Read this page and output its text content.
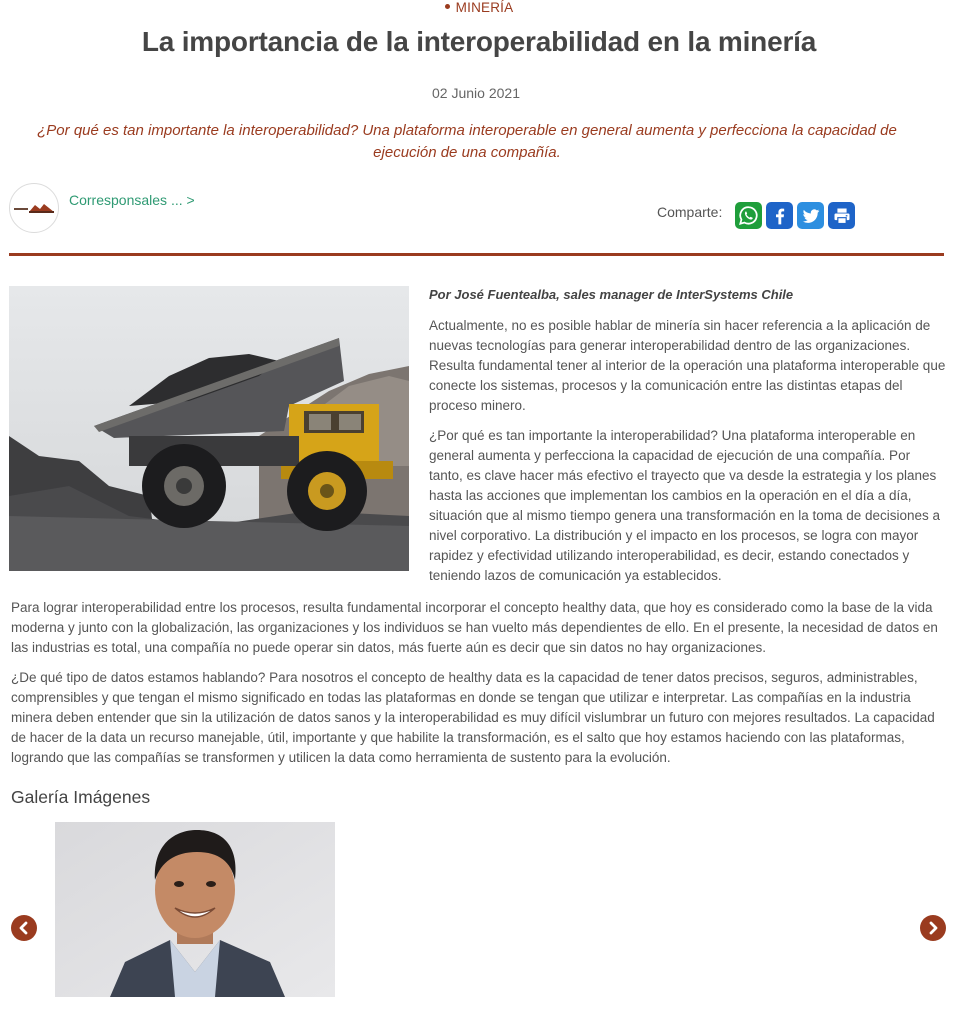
MINERÍA
La importancia de la interoperabilidad en la minería
02 Junio 2021
¿Por qué es tan importante la interoperabilidad? Una plataforma interoperable en general aumenta y perfecciona la capacidad de ejecución de una compañía.
Corresponsales ... >
Comparte:
Por José Fuentealba, sales manager de InterSystems Chile

Actualmente, no es posible hablar de minería sin hacer referencia a la aplicación de nuevas tecnologías para generar interoperabilidad dentro de las organizaciones. Resulta fundamental tener al interior de la operación una plataforma interoperable que conecte los sistemas, procesos y la comunicación entre las distintas etapas del proceso minero.

¿Por qué es tan importante la interoperabilidad? Una plataforma interoperable en general aumenta y perfecciona la capacidad de ejecución de una compañía. Por tanto, es clave hacer más efectivo el trayecto que va desde la estrategia y los planes hasta las acciones que implementan los cambios en la operación en el día a día, situación que al mismo tiempo genera una transformación en la toma de decisiones a nivel corporativo. La distribución y el impacto en los procesos, se logra con mayor rapidez y efectividad utilizando interoperabilidad, es decir, estando conectados y teniendo lazos de comunicación ya establecidos.

Para lograr interoperabilidad entre los procesos, resulta fundamental incorporar el concepto healthy data, que hoy es considerado como la base de la vida moderna y junto con la globalización, las organizaciones y los individuos se han vuelto más dependientes de ello. En el presente, la necesidad de datos en las industrias es total, una compañía no puede operar sin datos, más fuerte aún es decir que sin datos no hay organizaciones.

¿De qué tipo de datos estamos hablando? Para nosotros el concepto de healthy data es la capacidad de tener datos precisos, seguros, administrables, comprensibles y que tengan el mismo significado en todas las plataformas en donde se tengan que utilizar e interpretar. Las compañías en la industria minera deben entender que sin la utilización de datos sanos y la interoperabilidad es muy difícil vislumbrar un futuro con mejores resultados. La capacidad de hacer de la data un recurso manejable, útil, importante y que habilite la transformación, es el salto que hoy estamos haciendo con las plataformas, logrando que las compañías se transformen y utilicen la data como herramienta de sustento para la evolución.

Galería Imágenes
